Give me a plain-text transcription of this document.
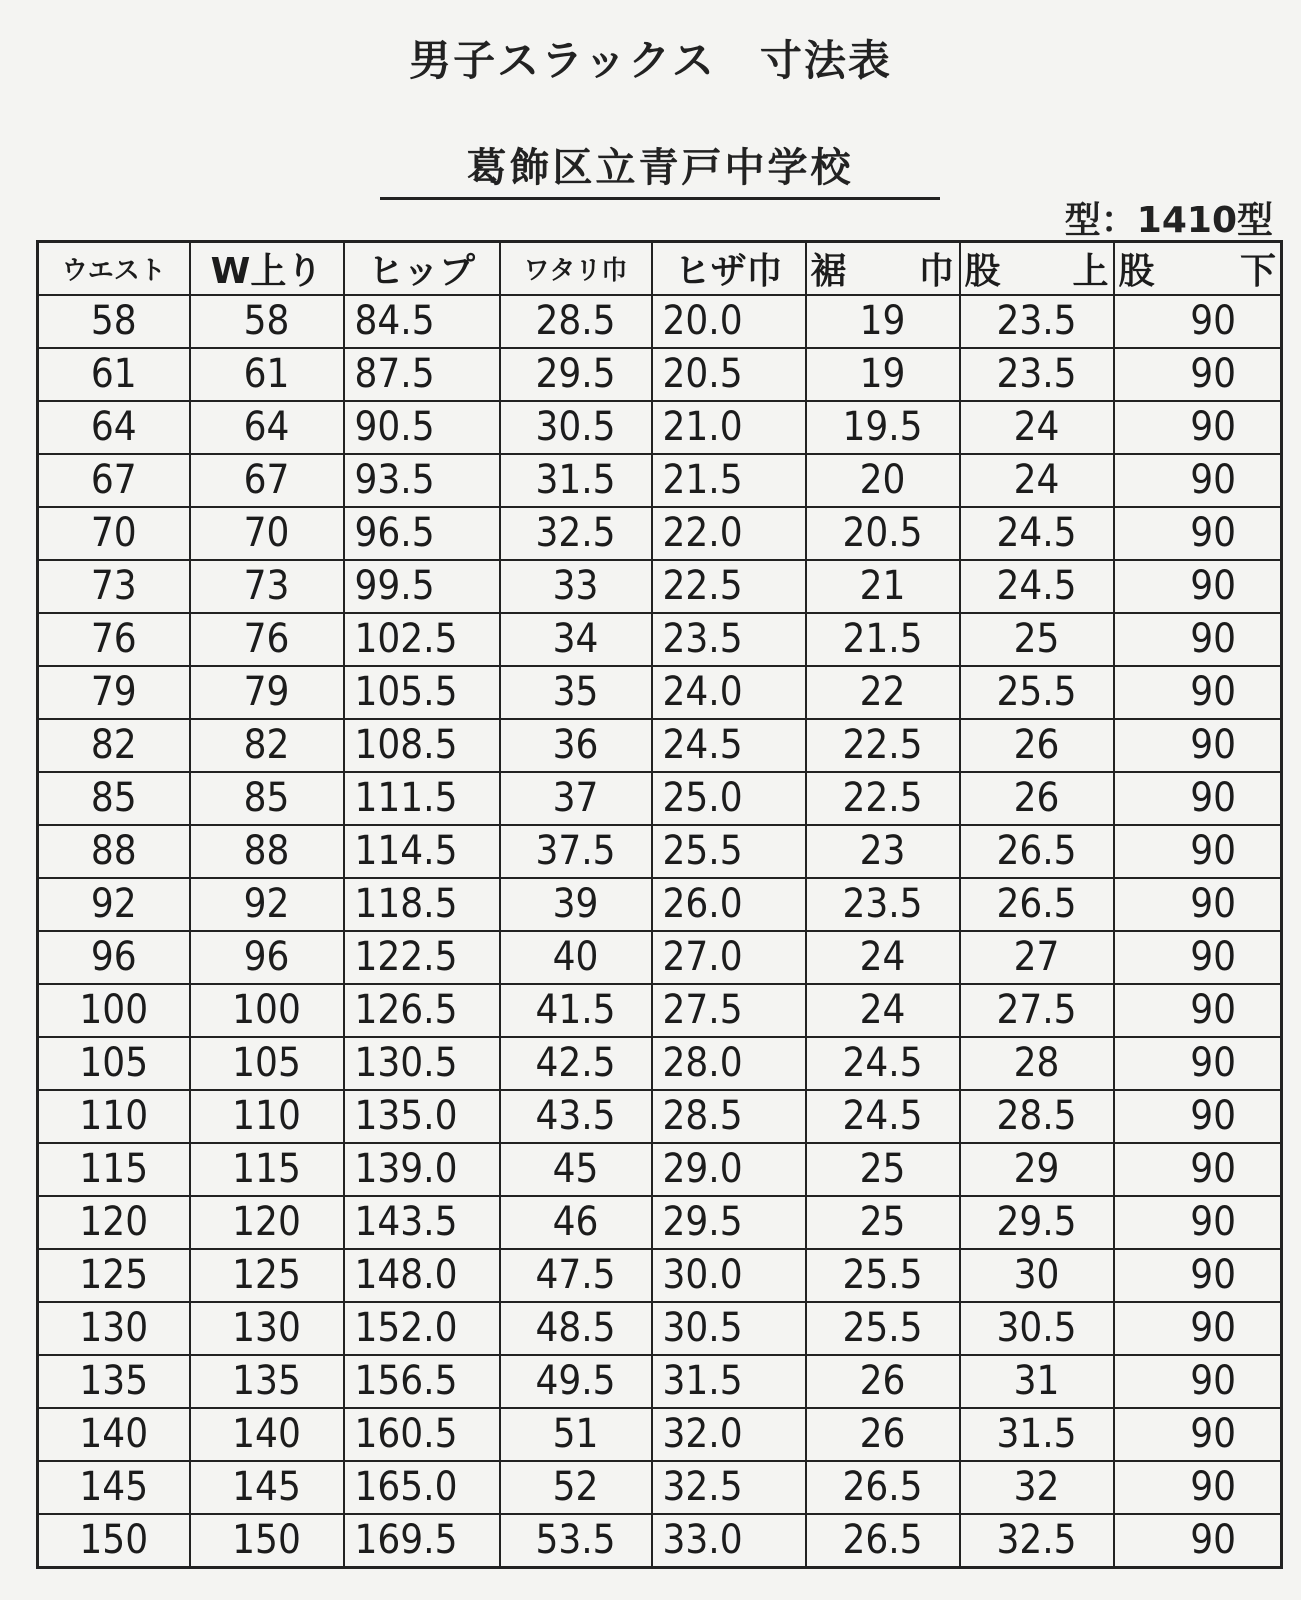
男子スラックス　寸法表
葛飾区立青戸中学校
型：1410型
ウエスト	W上り	ヒップ	ワタリ巾	ヒザ巾	裾　巾	股　上	股　下
58	58	84.5	28.5	20.0	19	23.5	90
61	61	87.5	29.5	20.5	19	23.5	90
64	64	90.5	30.5	21.0	19.5	24	90
67	67	93.5	31.5	21.5	20	24	90
70	70	96.5	32.5	22.0	20.5	24.5	90
73	73	99.5	33	22.5	21	24.5	90
76	76	102.5	34	23.5	21.5	25	90
79	79	105.5	35	24.0	22	25.5	90
82	82	108.5	36	24.5	22.5	26	90
85	85	111.5	37	25.0	22.5	26	90
88	88	114.5	37.5	25.5	23	26.5	90
92	92	118.5	39	26.0	23.5	26.5	90
96	96	122.5	40	27.0	24	27	90
100	100	126.5	41.5	27.5	24	27.5	90
105	105	130.5	42.5	28.0	24.5	28	90
110	110	135.0	43.5	28.5	24.5	28.5	90
115	115	139.0	45	29.0	25	29	90
120	120	143.5	46	29.5	25	29.5	90
125	125	148.0	47.5	30.0	25.5	30	90
130	130	152.0	48.5	30.5	25.5	30.5	90
135	135	156.5	49.5	31.5	26	31	90
140	140	160.5	51	32.0	26	31.5	90
145	145	165.0	52	32.5	26.5	32	90
150	150	169.5	53.5	33.0	26.5	32.5	90
